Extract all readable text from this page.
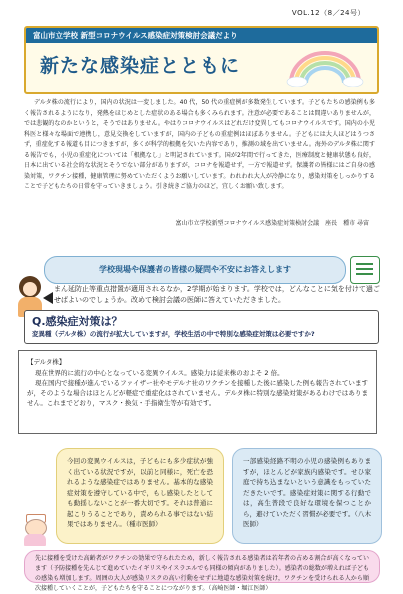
VOL.12（8／24号）
富山市立学校 新型コロナウイルス感染症対策検討会議だより
新たな感染症とともに

デルタ株の流行により，国内の状況は一変しました。40 代，50 代の重症例が多数発生しています。子どもたちの感染例も多く報告されるようになり，発熱をほじめとした症状のある場合も多くみられます。注意が必要であることは間違いありませんが，では悲観的なのかというと，そうではありません。やはりコロナウイルスはどれだけ変異してもコロナウイルスです。国内の小児科医と様々な場面で連携し，意見交換をしていますが，国内の子どもの重症例はほぼありません。子どもには大人ほどはうつさず，重症化する報道も目につきますが，多くが科学的根拠を欠いた内容であり，推測の域を出ていません。海外のデルタ株に関する報告でも，小児の重症化については「根拠なし」と明記されています。国が2年間で行ってきた，医療制度と健康状態も良好，日本に出ている社会的な状況とそうでない部分がありますが，コロナを報道せず，一方で報道せず。保護者の皆様にはご自身の感染対策，ワクチン接種，健康管理に努めていただくようお願いしています。われわれ大人が冷静になり，感染対策をしっかりすることで子どもたちの日常を守っていきましょう。引き続きご協力のほど，宜しくお願い致します。

富山市立学校新型コロナウイルス感染症対策検討会議　座長　種市 尋宙
学校現場や保護者の皆様の疑問や不安にお答えします

まん延防止等重点措置が適用されるなか，2学期が始まります。学校では，どんなことに気を付けて過ごせばよいのでしょうか。改めて検討会議の医師に答えていただきました。

Q.感染症対策は？
変異種（デルタ株）の流行が拡大していますが，学校生活の中で特別な感染症対策は必要ですか?
【デルタ株】

現在世界的に流行の中心となっている変異ウイルス。感染力は従来株のおよそ 2 倍。

現在国内で接種が進んでいるファイザー社やモデルナ社のワクチンを接種した後に感染した例も報告されていますが，そのような場合はほとんどが軽症で重症化はされていません。デルタ株に特別な感染対策があるわけではありません。これまでどおり，マスク・換気・手指衛生等が有効です。

今回の変異ウイルスは，子どもにも多少症状が強く出ている状況ですが，以前と同様に，死亡を恐れるような感染症ではありません。基本的な感染症対策を遵守している中で，もし感染したとしても動揺しないことが一番大切です。それは普通に起こりうることであり，責められる事ではない結果ではありません。（種市医師）
一部感染経路不明の小児の感染例もありますが，ほとんどが家族内感染です。せひ家庭で持ち込まないという意識をもっていただきたいです。感染症対策に関する行動では，高生普段で良好な環境を保つことから，避けていただく習慣が必要です。（八木医師）
先に接種を受けた高齢者がワクチンの効果で守られたため，新しく報告される感染者は若年者の占める割合が高くなっています（予防接種を先んじて進めていたイギリスやイスラエルでも同様の傾向がありました）。感染者の総数が増えれば子どもの感染も増加します。周囲の大人が感染リスクの高い行動をせずに地道な感染対策を続け，ワクチンを受けられる人から順次接種していくことが，子どもたちを守ることにつながります。（高崎医師・堀江医師）
